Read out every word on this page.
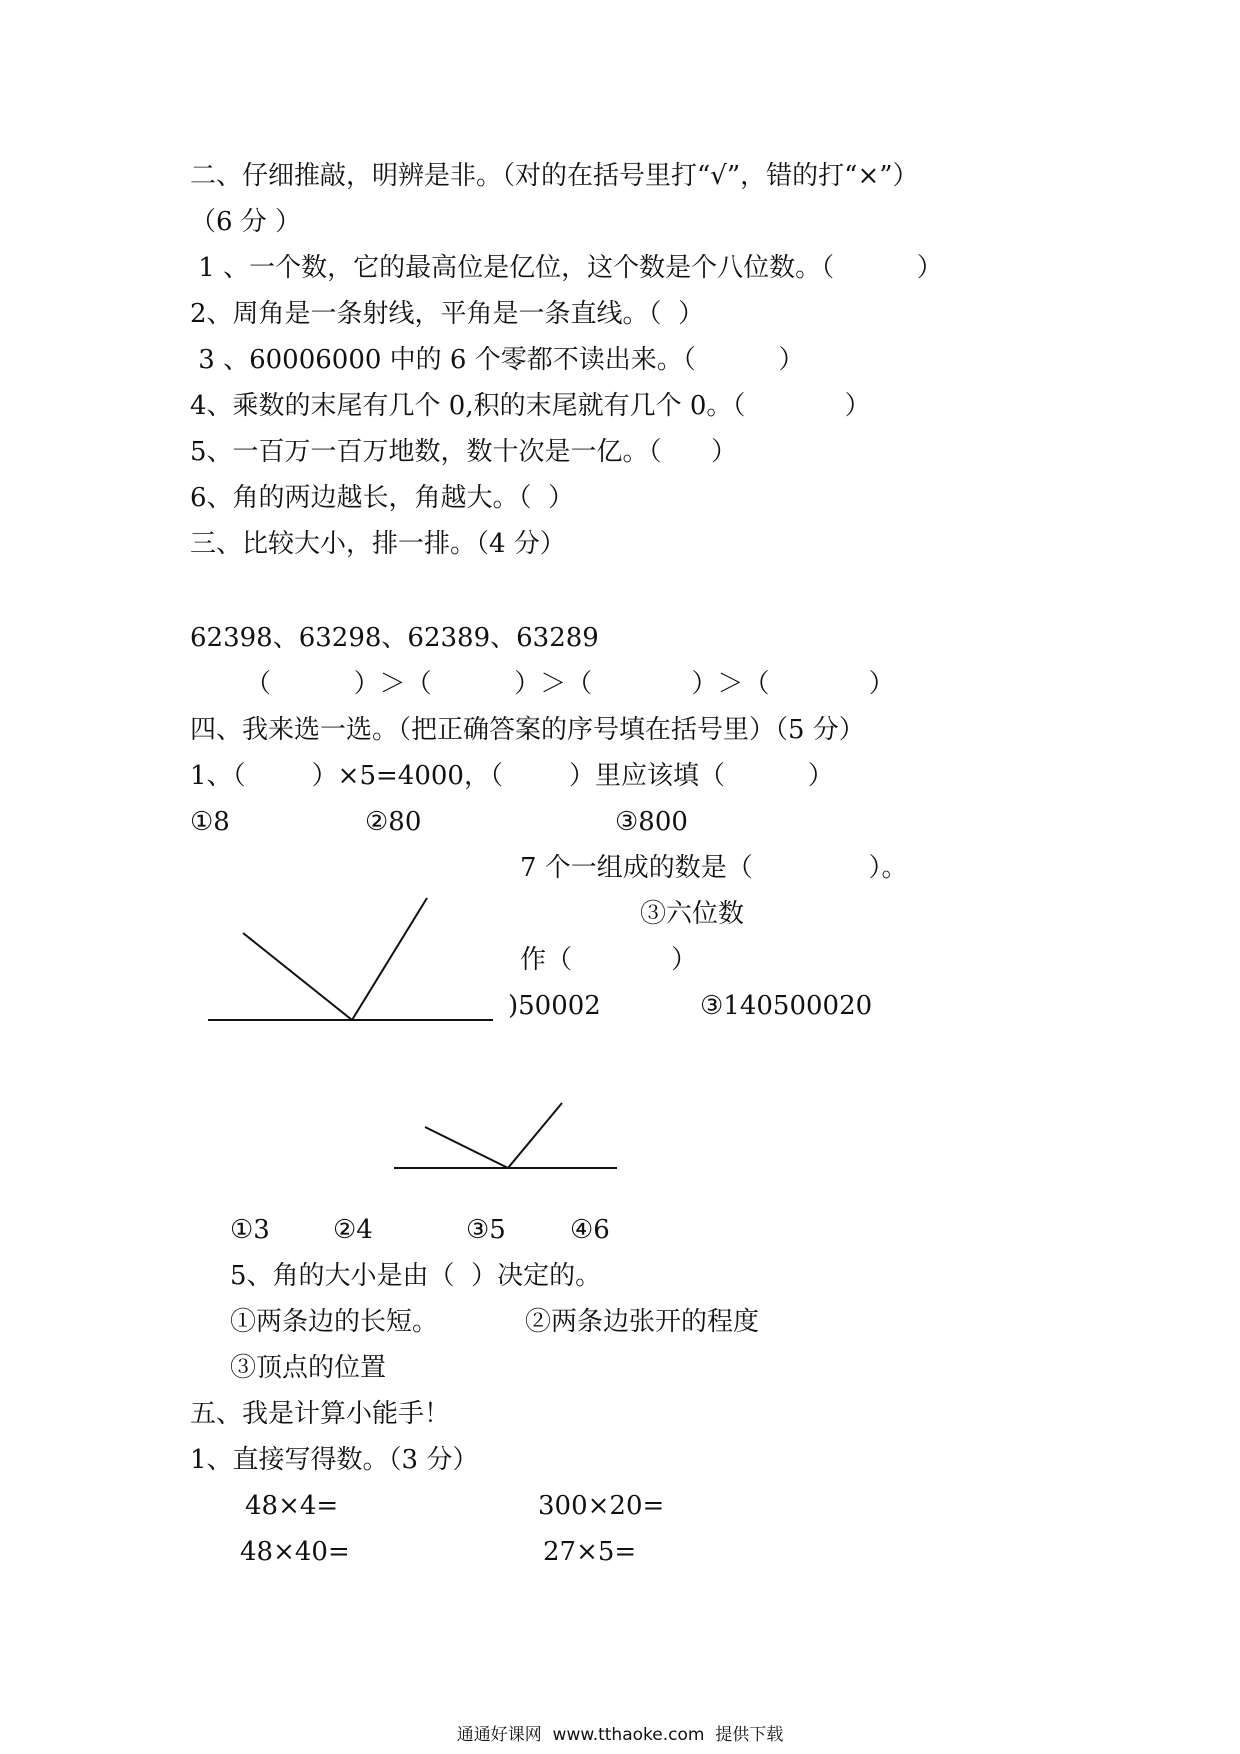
二、仔细推敲，明辨是非。（对的在括号里打“√”，错的打“×”）
（6 分 ）
1 、一个数，它的最高位是亿位，这个数是个八位数。（          ）
2、周角是一条射线，平角是一条直线。（  ）
3 、60006000 中的 6 个零都不读出来。（          ）
4、乘数的末尾有几个 0,积的末尾就有几个 0。（            ）
5、一百万一百万地数，数十次是一亿。（      ）
6、角的两边越长，角越大。（  ）
三、比较大小，排一排。（4 分）
62398、63298、62389、63289
（          ）＞（          ）＞（            ）＞（            ）
四、我来选一选。（把正确答案的序号填在括号里）（5 分）
1、（        ）×5=4000，（        ）里应该填（          ）
①8	②80	③800
7 个一组成的数是（              ）。
③六位数
作（            ）
)50002	③140500020
①3 ②4	③5 ④6
5、角的大小是由（  ）决定的。
①两条边的长短。	②两条边张开的程度
③顶点的位置
五、我是计算小能手！
1、直接写得数。（3 分）
48×4=	300×20=
48×40=	27×5=
通通好课网  www.tthaoke.com  提供下载
